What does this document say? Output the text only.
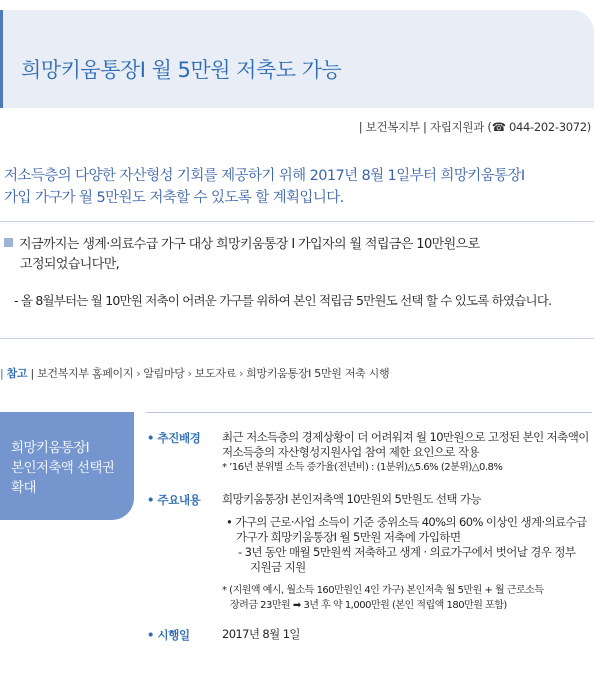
희망키움통장Ⅰ 월 5만원 저축도 가능
| 보건복지부 | 자립지원과 (☎ 044-202-3072)
저소득층의 다양한 자산형성 기회를 제공하기 위해 2017년 8월 1일부터 희망키움통장Ⅰ
가입 가구가 월 5만원도 저축할 수 있도록 할 계획입니다.
지금까지는 생계·의료수급 가구 대상 희망키움통장 Ⅰ 가입자의 월 적립금은 10만원으로
고정되었습니다만,
- 올 8월부터는 월 10만원 저축이 어려운 가구를 위하여 본인 적립금 5만원도 선택 할 수 있도록 하였습니다.
| 참고 | 보건복지부 홈페이지 › 알림마당 › 보도자료 › 희망키움통장Ⅰ 5만원 저축 시행
희망키움통장Ⅰ
본인저축액 선택권
확대
• 추진배경 최근 저소득층의 경제상황이 더 어려워져 월 10만원으로 고정된 본인 저축액이
저소득층의 자산형성지원사업 참여 제한 요인으로 작용
* ’16년 분위별 소득 증가율(전년비) : (1분위)△5.6% (2분위)△0.8%
• 주요내용 희망키움통장Ⅰ 본인저축액 10만원외 5만원도 선택 가능
• 가구의 근로·사업 소득이 기준 중위소득 40%의 60% 이상인 생계·의료수급
가구가 희망키움통장Ⅰ 월 5만원 저축에 가입하면
- 3년 동안 매월 5만원씩 저축하고 생계 · 의료가구에서 벗어날 경우 정부
지원금 지원
* (지원액 예시, 월소득 160만원인 4인 가구) 본인저축 월 5만원 + 월 근로소득
장려금 23만원 ➡ 3년 후 약 1,000만원 (본인 적립액 180만원 포함)
• 시행일	2017년 8월 1일
